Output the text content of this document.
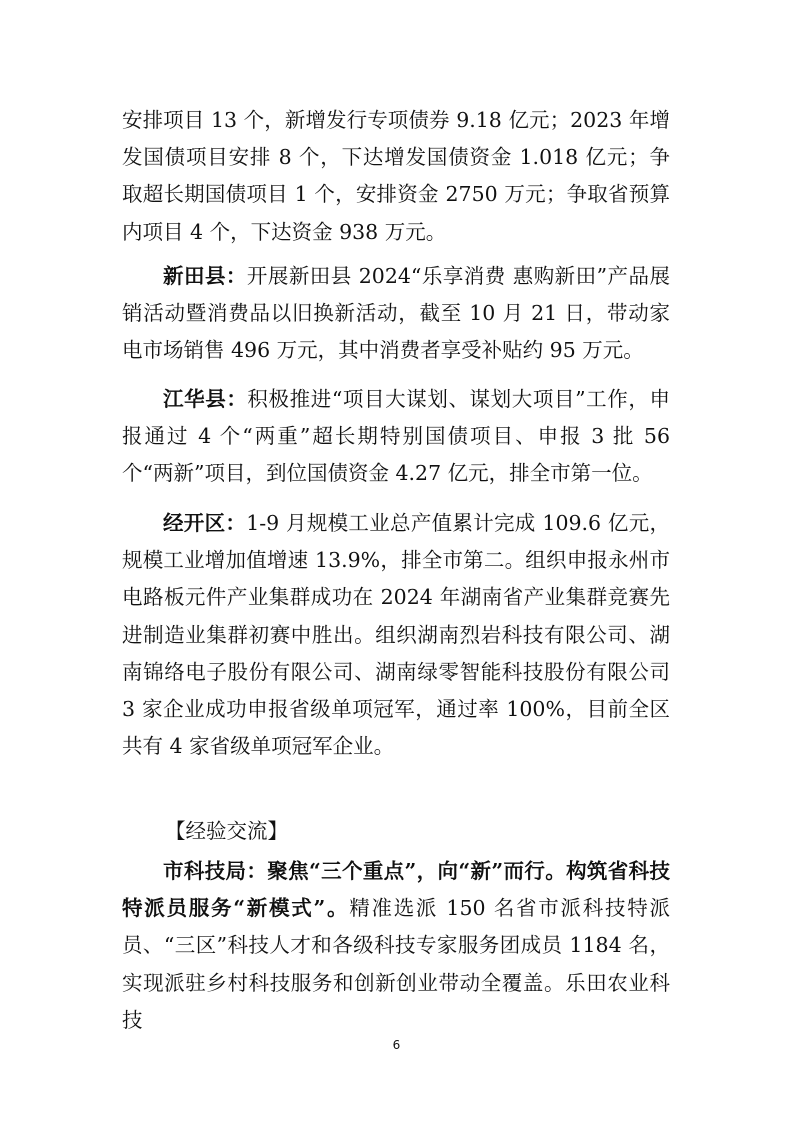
安排项目 13 个，新增发行专项债券 9.18 亿元；2023 年增发国债项目安排 8 个，下达增发国债资金 1.018 亿元；争取超长期国债项目 1 个，安排资金 2750 万元；争取省预算内项目 4 个，下达资金 938 万元。

新田县：开展新田县 2024“乐享消费 惠购新田”产品展销活动暨消费品以旧换新活动，截至 10 月 21 日，带动家电市场销售 496 万元，其中消费者享受补贴约 95 万元。

江华县：积极推进“项目大谋划、谋划大项目”工作，申报通过 4 个“两重”超长期特别国债项目、申报 3 批 56 个“两新”项目，到位国债资金 4.27 亿元，排全市第一位。

经开区：1-9 月规模工业总产值累计完成 109.6 亿元，规模工业增加值增速 13.9%，排全市第二。组织申报永州市电路板元件产业集群成功在 2024 年湖南省产业集群竞赛先进制造业集群初赛中胜出。组织湖南烈岩科技有限公司、湖南锦络电子股份有限公司、湖南绿零智能科技股份有限公司 3 家企业成功申报省级单项冠军，通过率 100%，目前全区共有 4 家省级单项冠军企业。

【经验交流】

市科技局：聚焦“三个重点”，向“新”而行。构筑省科技特派员服务“新模式”。精准选派 150 名省市派科技特派员、“三区”科技人才和各级科技专家服务团成员 1184 名，实现派驻乡村科技服务和创新创业带动全覆盖。乐田农业科技

6
